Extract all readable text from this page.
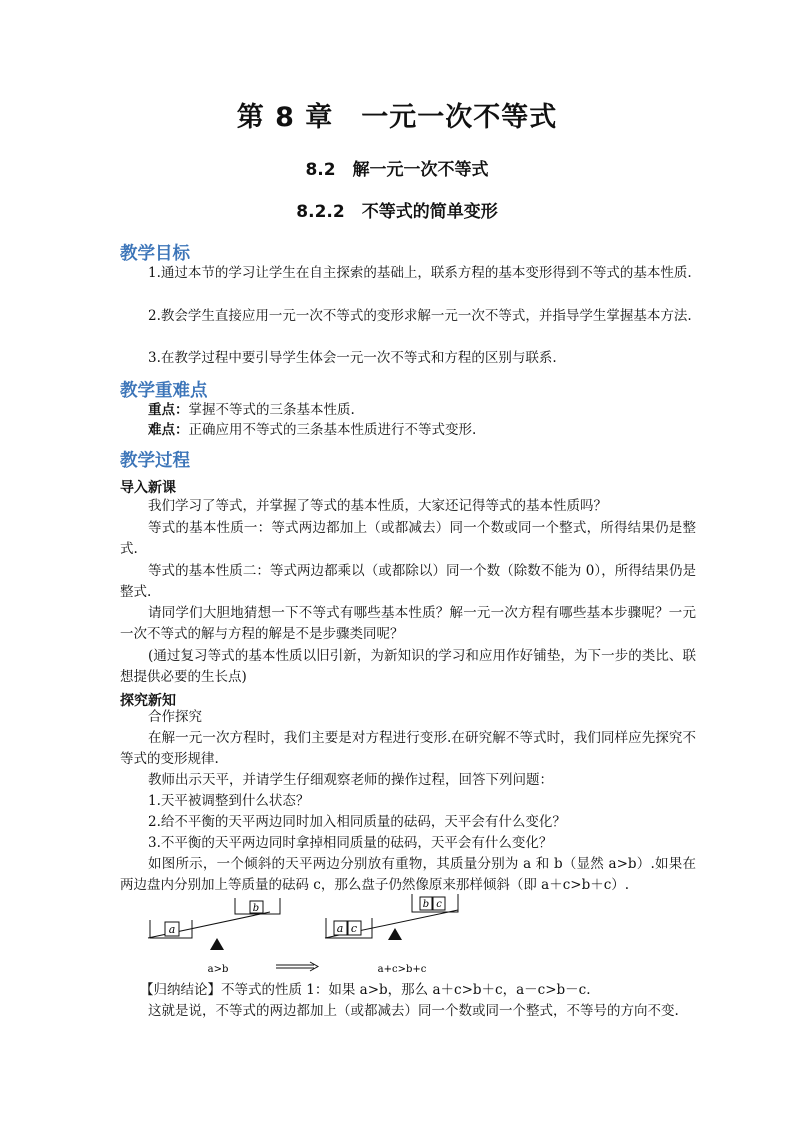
第 8 章　一元一次不等式
8.2　解一元一次不等式
8.2.2　不等式的简单变形
教学目标
1.通过本节的学习让学生在自主探索的基础上，联系方程的基本变形得到不等式的基本性质.
2.教会学生直接应用一元一次不等式的变形求解一元一次不等式，并指导学生掌握基本方法.
3.在教学过程中要引导学生体会一元一次不等式和方程的区别与联系.
教学重难点
重点：掌握不等式的三条基本性质.
难点：正确应用不等式的三条基本性质进行不等式变形.
教学过程
导入新课
我们学习了等式，并掌握了等式的基本性质，大家还记得等式的基本性质吗？
等式的基本性质一：等式两边都加上（或都减去）同一个数或同一个整式，所得结果仍是整式.
等式的基本性质二：等式两边都乘以（或都除以）同一个数（除数不能为 0），所得结果仍是整式.
请同学们大胆地猜想一下不等式有哪些基本性质？解一元一次方程有哪些基本步骤呢？一元一次不等式的解与方程的解是不是步骤类同呢？
(通过复习等式的基本性质以旧引新，为新知识的学习和应用作好铺垫，为下一步的类比、联想提供必要的生长点)
探究新知
合作探究
在解一元一次方程时，我们主要是对方程进行变形.在研究解不等式时，我们同样应先探究不等式的变形规律.
教师出示天平，并请学生仔细观察老师的操作过程，回答下列问题：
1.天平被调整到什么状态？
2.给不平衡的天平两边同时加入相同质量的砝码，天平会有什么变化？
3.不平衡的天平两边同时拿掉相同质量的砝码，天平会有什么变化？
如图所示，一个倾斜的天平两边分别放有重物，其质量分别为 a 和 b（显然 a>b）.如果在两边盘内分别加上等质量的砝码 c，那么盘子仍然像原来那样倾斜（即 a＋c>b＋c）.
a
b
a>b
a c
b c
a+c>b+c
【归纳结论】不等式的性质 1：如果 a>b，那么 a＋c>b＋c，a－c>b－c.
这就是说，不等式的两边都加上（或都减去）同一个数或同一个整式，不等号的方向不变.
